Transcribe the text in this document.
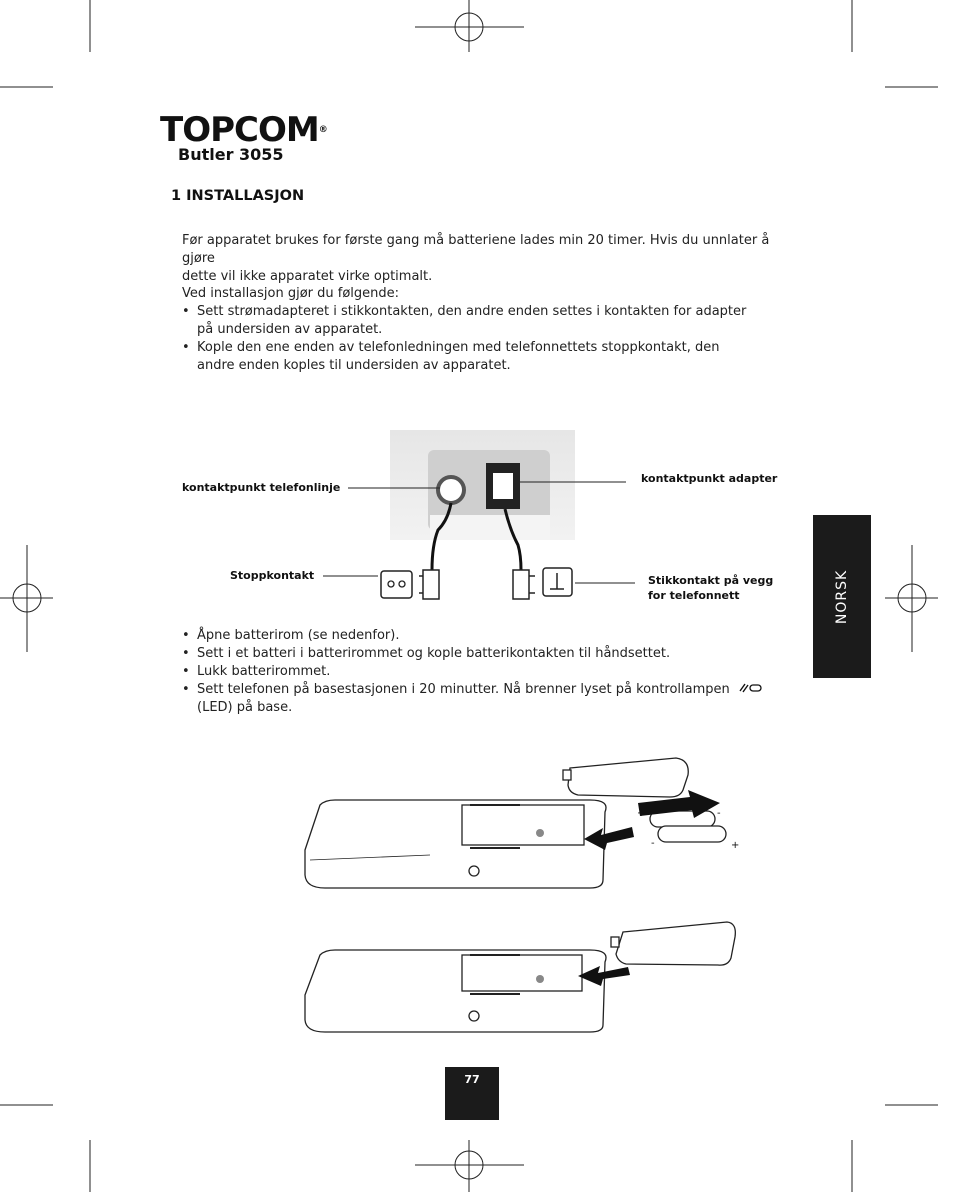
TOPCOM®
Butler 3055
1 INSTALLASJON
Før apparatet brukes for første gang må batteriene lades min 20 timer. Hvis du unnlater å gjøre
dette vil ikke apparatet virke optimalt.
Ved installasjon gjør du følgende:
• Sett strømadapteret i stikkontakten, den andre enden settes i kontakten for adapter på undersiden av apparatet.
• Kople den ene enden av telefonledningen med telefonnettets stoppkontakt, den andre enden koples til undersiden av apparatet.
kontaktpunkt telefonlinje
kontaktpunkt adapter
Stoppkontakt	Stikkontakt på vegg
for telefonnett
• Åpne batterirom (se nedenfor).
• Sett i et batteri i batterirommet og kople batterikontakten til håndsettet.
• Lukk batterirommet.
• Sett telefonen på basestasjonen i 20 minutter. Nå brenner lyset på kontrollampen
(LED) på base.
+	-
-	+
NORSK
77
